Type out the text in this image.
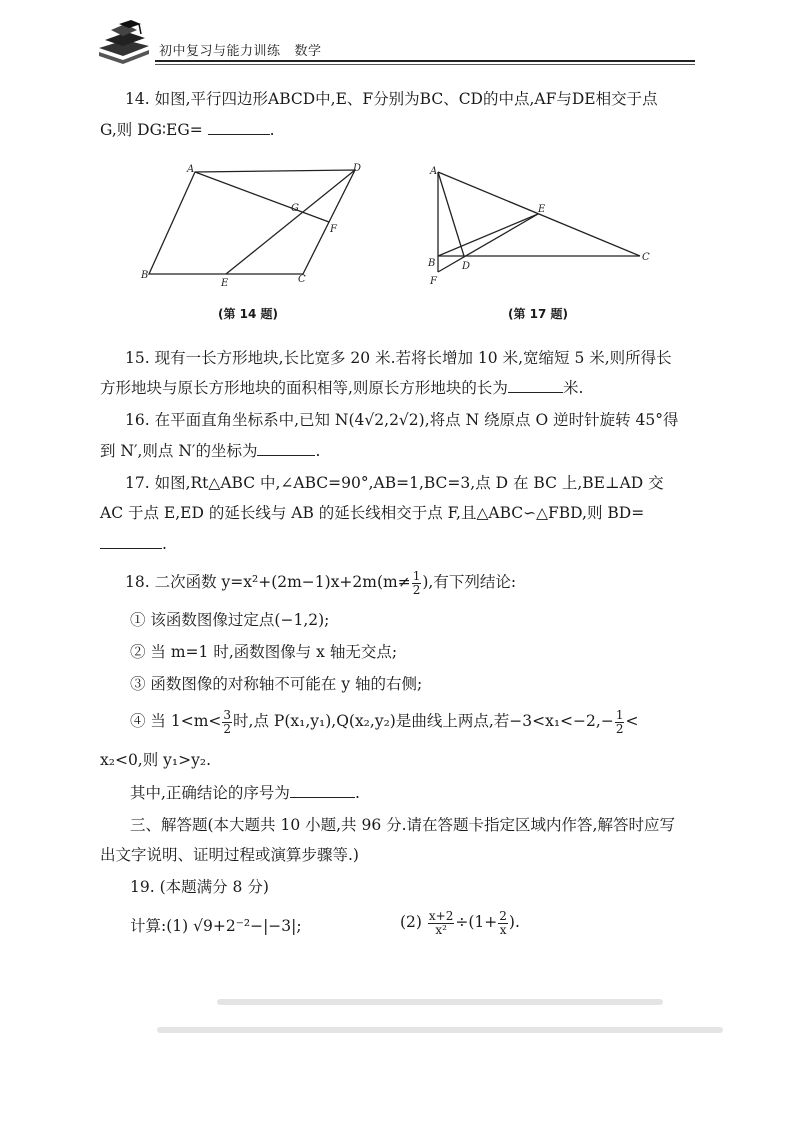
初中复习与能力训练 数学
14. 如图,平行四边形ABCD中,E、F分别为BC、CD的中点,AF与DE相交于点
G,则 DG∶EG=	.
A	D
G
F
B
E	C
(第 14 题)
A
E
B	D
C
F
(第 17 题)
15. 现有一长方形地块,长比宽多 20 米.若将长增加 10 米,宽缩短 5 米,则所得长
方形地块与原长方形地块的面积相等,则原长方形地块的长为	米.
16. 在平面直角坐标系中,已知 N(4√2,2√2),将点 N 绕原点 O 逆时针旋转 45°得
到 N′,则点 N′的坐标为	.
17. 如图,Rt△ABC 中,∠ABC=90°,AB=1,BC=3,点 D 在 BC 上,BE⊥AD 交
AC 于点 E,ED 的延长线与 AB 的延长线相交于点 F,且△ABC∽△FBD,则 BD=
.
18. 二次函数 $y=x^2+(2m-1)x+2m(m\ne \frac{1}{2}$ ),有下列结论:
① 该函数图像过定点(−1,2);
② 当 m=1 时,函数图像与 x 轴无交点;
③ 函数图像的对称轴不可能在 y 轴的右侧;
④ 当 $1<m< \frac{3}{2}$ 时,点 P(x₁,y₁),Q(x₂,y₂)是曲线上两点,若$-3<x_1<-2,- \frac{1}{2}$ <
x₂<0,则 y₁>y₂.
其中,正确结论的序号为	.
三、解答题(本大题共 10 小题,共 96 分.请在答题卡指定区域内作答,解答时应写
出文字说明、证明过程或演算步骤等.)
19. (本题满分 8 分)
计算:(1) √9+2⁻²−|−3|;	$(2) \frac{x+2}{\text{x²}} \div(1+ \frac{2}{x}$ ).
